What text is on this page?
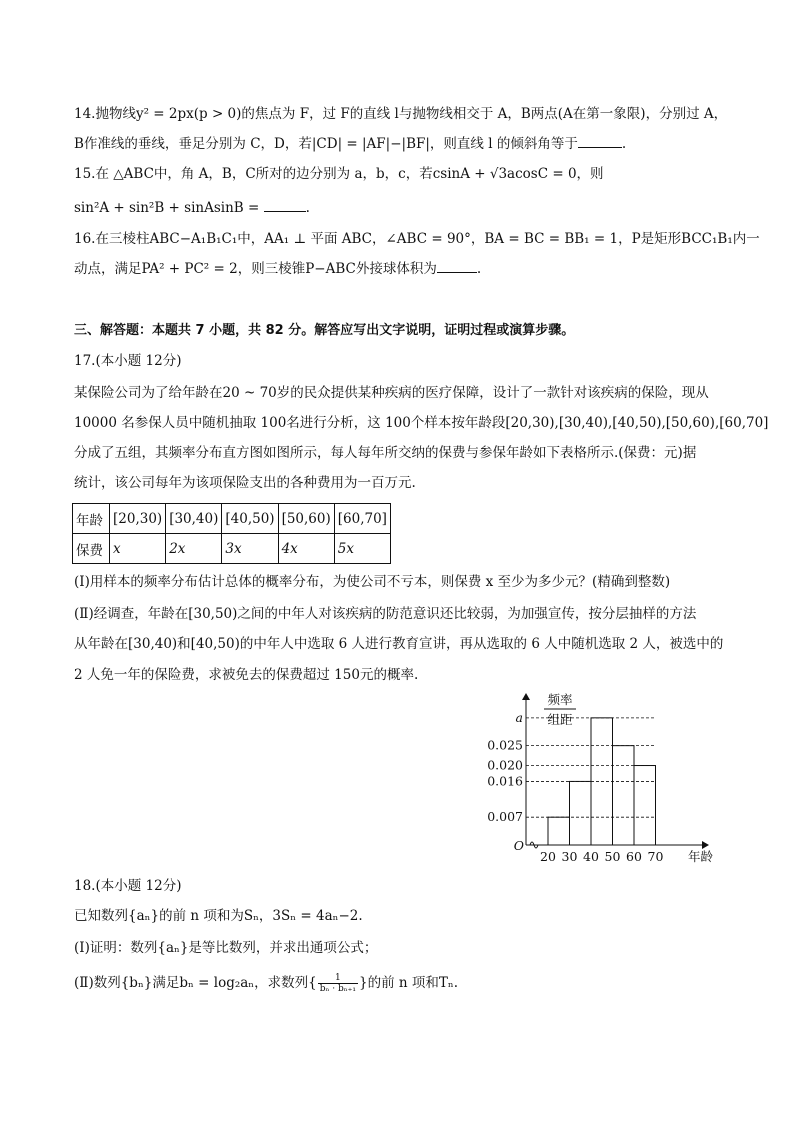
14.抛物线y² = 2px(p > 0)的焦点为 F，过 F的直线 l与抛物线相交于 A，B两点(A在第一象限)，分别过 A，
B作准线的垂线，垂足分别为 C，D，若|CD| = |AF|−|BF|，则直线 l 的倾斜角等于	.
15.在 △ABC中，角 A，B，C所对的边分别为 a，b，c，若csinA + √3acosC = 0，则
sin²A + sin²B + sinAsinB =	.
16.在三棱柱ABC−A₁B₁C₁中，AA₁ ⊥ 平面 ABC，∠ABC = 90°，BA = BC = BB₁ = 1，P是矩形BCC₁B₁内一
动点，满足PA² + PC² = 2，则三棱锥P−ABC外接球体积为	.
三、解答题：本题共 7 小题，共 82 分。解答应写出文字说明，证明过程或演算步骤。
17.(本小题 12分)
某保险公司为了给年龄在20 ~ 70岁的民众提供某种疾病的医疗保障，设计了一款针对该疾病的保险，现从
10000 名参保人员中随机抽取 100名进行分析，这 100个样本按年龄段[20,30),[30,40),[40,50),[50,60),[60,70]
分成了五组，其频率分布直方图如图所示，每人每年所交纳的保费与参保年龄如下表格所示.(保费：元)据
统计，该公司每年为该项保险支出的各种费用为一百万元.
年龄	[20,30)	[30,40)	[40,50)	[50,60)	[60,70]
保费	x	2x	3x	4x	5x
(Ⅰ)用样本的频率分布估计总体的概率分布，为使公司不亏本，则保费 x 至少为多少元？(精确到整数)
(Ⅱ)经调查，年龄在[30,50)之间的中年人对该疾病的防范意识还比较弱，为加强宣传，按分层抽样的方法
从年龄在[30,40)和[40,50)的中年人中选取 6 人进行教育宣讲，再从选取的 6 人中随机选取 2 人，被选中的
2 人免一年的保险费，求被免去的保费超过 150元的概率.
频率
组距
O
年龄
0.007
0.016
0.020
0.025
a
20 30 40 50 60 70
18.(本小题 12分)
已知数列{aₙ}的前 n 项和为Sₙ，3Sₙ = 4aₙ−2.
(Ⅰ)证明：数列{aₙ}是等比数列，并求出通项公式；
(Ⅱ)数列{bₙ}满足bₙ = log₂aₙ，求数列{ $\frac{1}{\text{bₙ · bₙ₊₁}}$ }的前 n 项和Tₙ.
